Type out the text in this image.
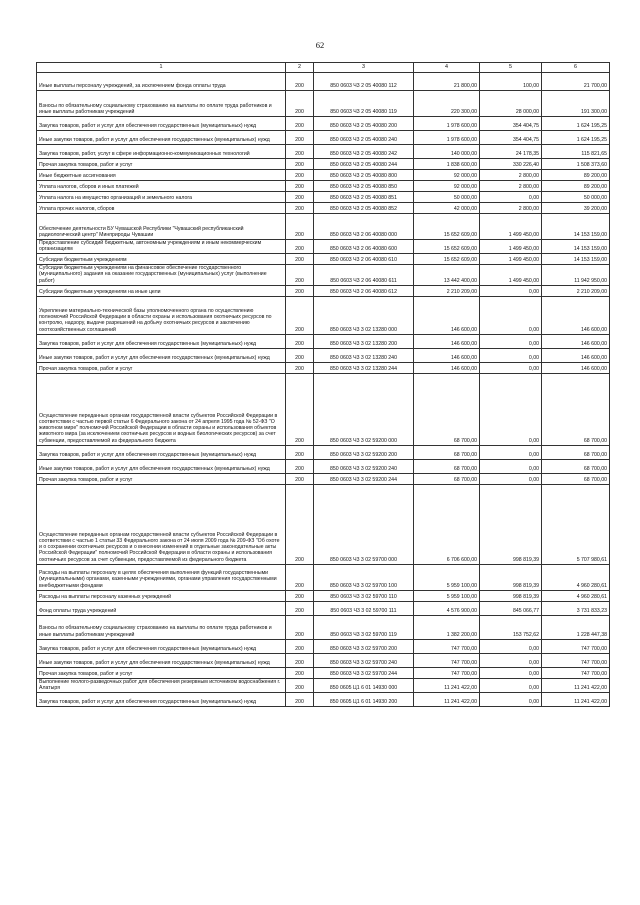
62
1	2	3	4	5	6
Иные выплаты персоналу учреждений, за исключением фонда оплаты труда	200	850 0603 Ч3 2 05 40080 112	21 800,00	100,00	21 700,00
Взносы по обязательному социальному страхованию на выплаты по оплате труда работников и иные выплаты работникам учреждений	200	850 0603 Ч3 2 05 40080 119	220 300,00	28 000,00	191 300,00
Закупка товаров, работ и услуг для обеспечения государственных (муниципальных) нужд	200	850 0603 Ч3 2 05 40080 200	1 978 600,00	354 404,75	1 624 195,25
Иные закупки товаров, работ и услуг для обеспечения государственных (муниципальных) нужд	200	850 0603 Ч3 2 05 40080 240	1 978 600,00	354 404,75	1 624 195,25
Закупка товаров, работ, услуг в сфере информационно-коммуникационных технологий	200	850 0603 Ч3 2 05 40080 242	140 000,00	24 178,35	115 821,65
Прочая закупка товаров, работ и услуг	200	850 0603 Ч3 2 05 40080 244	1 838 600,00	330 226,40	1 508 373,60
Иные бюджетные ассигнования	200	850 0603 Ч3 2 05 40080 800	92 000,00	2 800,00	89 200,00
Уплата налогов, сборов и иных платежей	200	850 0603 Ч3 2 05 40080 850	92 000,00	2 800,00	89 200,00
Уплата налога на имущество организаций и земельного налога	200	850 0603 Ч3 2 05 40080 851	50 000,00	0,00	50 000,00
Уплата прочих налогов, сборов	200	850 0603 Ч3 2 05 40080 852	42 000,00	2 800,00	39 200,00
Обеспечение деятельности БУ Чувашской Республики "Чувашский республиканский радиологический центр" Минприроды Чувашии	200	850 0603 Ч3 2 06 40080 000	15 652 609,00	1 499 450,00	14 153 159,00
Предоставление субсидий бюджетным, автономным учреждениям и иным некоммерческим организациям	200	850 0603 Ч3 2 06 40080 600	15 652 609,00	1 499 450,00	14 153 159,00
Субсидии бюджетным учреждениям	200	850 0603 Ч3 2 06 40080 610	15 652 609,00	1 499 450,00	14 153 159,00
Субсидии бюджетным учреждениям на финансовое обеспечение государственного (муниципального) задания на оказание государственных (муниципальных) услуг (выполнение работ)	200	850 0603 Ч3 2 06 40080 611	13 442 400,00	1 499 450,00	11 942 950,00
Субсидии бюджетным учреждениям на иные цели	200	850 0603 Ч3 2 06 40080 612	2 210 209,00	0,00	2 210 209,00
Укрепление материально-технической базы уполномоченного органа по осуществлению полномочий Российской Федерации в области охраны и использования охотничьих ресурсов по контролю, надзору, выдаче разрешений на добычу охотничьих ресурсов и заключению охотхозяйственных соглашений	200	850 0603 Ч3 3 02 13280 000	146 600,00	0,00	146 600,00
Закупка товаров, работ и услуг для обеспечения государственных (муниципальных) нужд	200	850 0603 Ч3 3 02 13280 200	146 600,00	0,00	146 600,00
Иные закупки товаров, работ и услуг для обеспечения государственных (муниципальных) нужд	200	850 0603 Ч3 3 02 13280 240	146 600,00	0,00	146 600,00
Прочая закупка товаров, работ и услуг	200	850 0603 Ч3 3 02 13280 244	146 600,00	0,00	146 600,00
Осуществление переданных органам государственной власти субъектов Российской Федерации в соответствии с частью первой статьи 6 Федерального закона от 24 апреля 1995 года № 52-ФЗ "О животном мире" полномочий Российской Федерации в области охраны и использования объектов животного мира (за исключением охотничьих ресурсов и водных биологических ресурсов) за счет субвенции, предоставляемой из федерального бюджета	200	850 0603 Ч3 3 02 59200 000	68 700,00	0,00	68 700,00
Закупка товаров, работ и услуг для обеспечения государственных (муниципальных) нужд	200	850 0603 Ч3 3 02 59200 200	68 700,00	0,00	68 700,00
Иные закупки товаров, работ и услуг для обеспечения государственных (муниципальных) нужд	200	850 0603 Ч3 3 02 59200 240	68 700,00	0,00	68 700,00
Прочая закупка товаров, работ и услуг	200	850 0603 Ч3 3 02 59200 244	68 700,00	0,00	68 700,00
Осуществление переданных органам государственной власти субъектов Российской Федерации в соответствии с частью 1 статьи 33 Федерального закона от 24 июля 2009 года № 209-ФЗ "Об охоте и о сохранении охотничьих ресурсов и о внесении изменений в отдельные законодательные акты Российской Федерации" полномочий Российской Федерации в области охраны и использования охотничьих ресурсов за счет субвенции, предоставляемой из федерального бюджета	200	850 0603 Ч3 3 02 59700 000	6 706 600,00	998 819,39	5 707 980,61
Расходы на выплаты персоналу в целях обеспечения выполнения функций государственными (муниципальными) органами, казенными учреждениями, органами управления государственными внебюджетными фондами	200	850 0603 Ч3 3 02 59700 100	5 959 100,00	998 819,39	4 960 280,61
Расходы на выплаты персоналу казенных учреждений	200	850 0603 Ч3 3 02 59700 110	5 959 100,00	998 819,39	4 960 280,61
Фонд оплаты труда учреждений	200	850 0603 Ч3 3 02 59700 111	4 576 900,00	845 066,77	3 731 833,23
Взносы по обязательному социальному страхованию на выплаты по оплате труда работников и иные выплаты работникам учреждений	200	850 0603 Ч3 3 02 59700 119	1 382 200,00	153 752,62	1 228 447,38
Закупка товаров, работ и услуг для обеспечения государственных (муниципальных) нужд	200	850 0603 Ч3 3 02 59700 200	747 700,00	0,00	747 700,00
Иные закупки товаров, работ и услуг для обеспечения государственных (муниципальных) нужд	200	850 0603 Ч3 3 02 59700 240	747 700,00	0,00	747 700,00
Прочая закупка товаров, работ и услуг	200	850 0603 Ч3 3 02 59700 244	747 700,00	0,00	747 700,00
Выполнение геолого-разведочных работ для обеспечения резервным источником водоснабжения г. Алатыря	200	850 0605 Ц1 6 01 14930 000	11 241 422,00	0,00	11 241 422,00
Закупка товаров, работ и услуг для обеспечения государственных (муниципальных) нужд	200	850 0605 Ц1 6 01 14930 200	11 241 422,00	0,00	11 241 422,00
